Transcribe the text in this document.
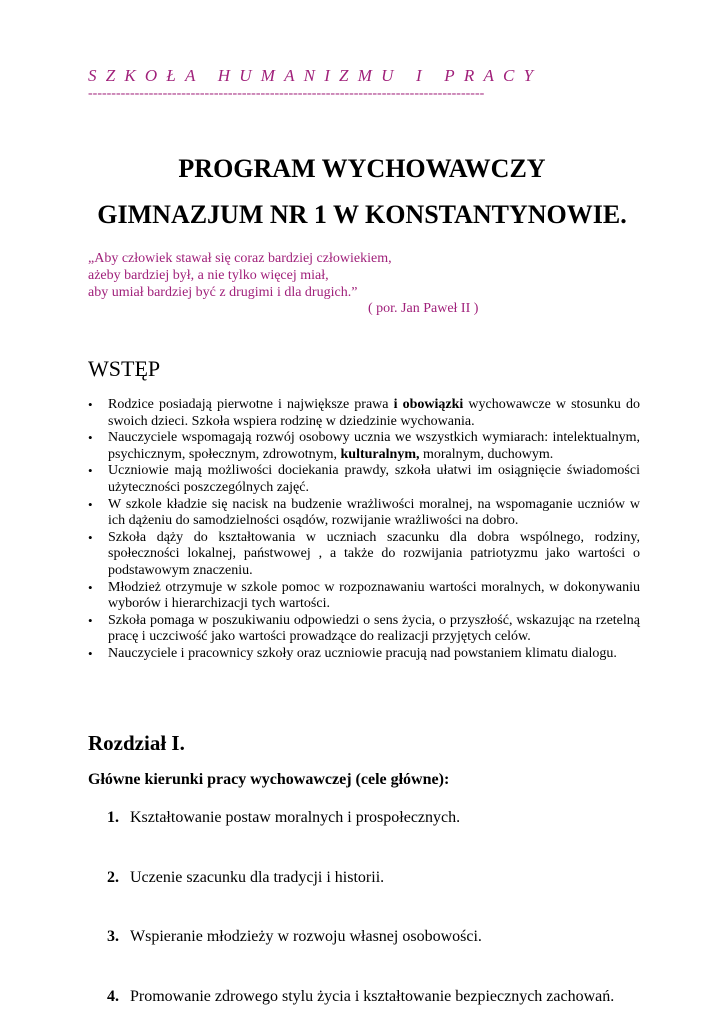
SZKOŁA HUMANIZMU I PRACY
-------------------------------------------------------------------------------------
PROGRAM WYCHOWAWCZY
GIMNAZJUM NR 1 W KONSTANTYNOWIE.
„Aby człowiek stawał się coraz bardziej człowiekiem,
ażeby bardziej był, a nie tylko więcej miał,
aby umiał bardziej być z drugimi i dla drugich.”
( por. Jan Paweł II )
WSTĘP
• Rodzice posiadają pierwotne i największe prawa i obowiązki wychowawcze w stosunku do swoich dzieci. Szkoła wspiera rodzinę w dziedzinie wychowania.
• Nauczyciele wspomagają rozwój osobowy ucznia we wszystkich wymiarach: intelektualnym, psychicznym, społecznym, zdrowotnym, kulturalnym, moralnym, duchowym.
• Uczniowie mają możliwości dociekania prawdy, szkoła ułatwi im osiągnięcie świadomości użyteczności poszczególnych zajęć.
• W szkole kładzie się nacisk na budzenie wrażliwości moralnej, na wspomaganie uczniów w ich dążeniu do samodzielności osądów, rozwijanie wrażliwości na dobro.
• Szkoła dąży do kształtowania w uczniach szacunku dla dobra wspólnego, rodziny, społeczności lokalnej, państwowej , a także do rozwijania patriotyzmu jako wartości o podstawowym znaczeniu.
• Młodzież otrzymuje w szkole pomoc w rozpoznawaniu wartości moralnych, w dokonywaniu wyborów i hierarchizacji tych wartości.
• Szkoła pomaga w poszukiwaniu odpowiedzi o sens życia, o przyszłość, wskazując na rzetelną pracę i uczciwość jako wartości prowadzące do realizacji przyjętych celów.
• Nauczyciele i pracownicy szkoły oraz uczniowie pracują nad powstaniem klimatu dialogu.
Rozdział I.
Główne kierunki pracy wychowawczej (cele główne):
1. Kształtowanie postaw moralnych i prospołecznych.
2. Uczenie szacunku dla tradycji i historii.
3. Wspieranie młodzieży w rozwoju własnej osobowości.
4. Promowanie zdrowego stylu życia i kształtowanie bezpiecznych zachowań.
